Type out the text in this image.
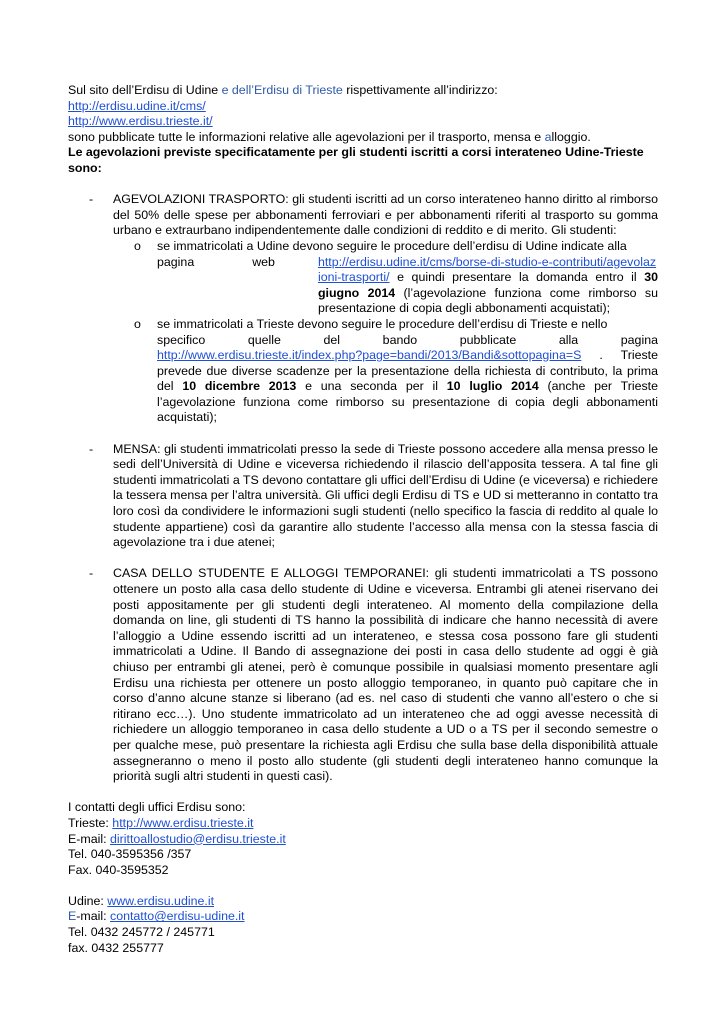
Sul sito dell’Erdisu di Udine e dell’Erdisu di Trieste rispettivamente all’indirizzo:

http://erdisu.udine.it/cms/

http://www.erdisu.trieste.it/

sono pubblicate tutte le informazioni relative alle agevolazioni per il trasporto, mensa e alloggio.

Le agevolazioni previste specificatamente per gli studenti iscritti a corsi interateneo Udine-Trieste sono:

- AGEVOLAZIONI TRASPORTO: gli studenti iscritti ad un corso interateneo hanno diritto al rimborso del 50% delle spese per abbonamenti ferroviari e per abbonamenti riferiti al trasporto su gomma urbano e extraurbano indipendentemente dalle condizioni di reddito e di merito. Gli studenti:
o se immatricolati a Udine devono seguire le procedure dell’erdisu di Udine indicate alla
pagina	web	http://erdisu.udine.it/cms/borse-di-studio-e-contributi/agevolazioni-trasporti/ e quindi presentare la domanda entro il 30 giugno 2014 (l’agevolazione funziona come rimborso su presentazione di copia degli abbonamenti acquistati);
o se immatricolati a Trieste devono seguire le procedure dell’erdisu di Trieste e nello
specifico	quelle	del	bando	pubblicate	alla	pagina
http://www.erdisu.trieste.it/index.php?page=bandi/2013/Bandi&sottopagina=S . Trieste prevede due diverse scadenze per la presentazione della richiesta di contributo, la prima del 10 dicembre 2013 e una seconda per il 10 luglio 2014 (anche per Trieste l’agevolazione funziona come rimborso su presentazione di copia degli abbonamenti acquistati);
- MENSA: gli studenti immatricolati presso la sede di Trieste possono accedere alla mensa presso le sedi dell’Università di Udine e viceversa richiedendo il rilascio dell’apposita tessera. A tal fine gli studenti immatricolati a TS devono contattare gli uffici dell’Erdisu di Udine (e viceversa) e richiedere la tessera mensa per l’altra università. Gli uffici degli Erdisu di TS e UD si metteranno in contatto tra loro così da condividere le informazioni sugli studenti (nello specifico la fascia di reddito al quale lo studente appartiene) così da garantire allo studente l’accesso alla mensa con la stessa fascia di agevolazione tra i due atenei;
- CASA DELLO STUDENTE E ALLOGGI TEMPORANEI: gli studenti immatricolati a TS possono ottenere un posto alla casa dello studente di Udine e viceversa. Entrambi gli atenei riservano dei posti appositamente per gli studenti degli interateneo. Al momento della compilazione della domanda on line, gli studenti di TS hanno la possibilità di indicare che hanno necessità di avere l’alloggio a Udine essendo iscritti ad un interateneo, e stessa cosa possono fare gli studenti immatricolati a Udine. Il Bando di assegnazione dei posti in casa dello studente ad oggi è già chiuso per entrambi gli atenei, però è comunque possibile in qualsiasi momento presentare agli Erdisu una richiesta per ottenere un posto alloggio temporaneo, in quanto può capitare che in corso d’anno alcune stanze si liberano (ad es. nel caso di studenti che vanno all’estero o che si ritirano ecc…). Uno studente immatricolato ad un interateneo che ad oggi avesse necessità di richiedere un alloggio temporaneo in casa dello studente a UD o a TS per il secondo semestre o per qualche mese, può presentare la richiesta agli Erdisu che sulla base della disponibilità attuale assegneranno o meno il posto allo studente (gli studenti degli interateneo hanno comunque la priorità sugli altri studenti in questi casi).

I contatti degli uffici Erdisu sono:

Trieste: http://www.erdisu.trieste.it

E-mail: dirittoallostudio@erdisu.trieste.it

Tel. 040-3595356 /357

Fax. 040-3595352

Udine: www.erdisu.udine.it

E-mail: contatto@erdisu-udine.it

Tel. 0432 245772 / 245771

fax. 0432 255777
